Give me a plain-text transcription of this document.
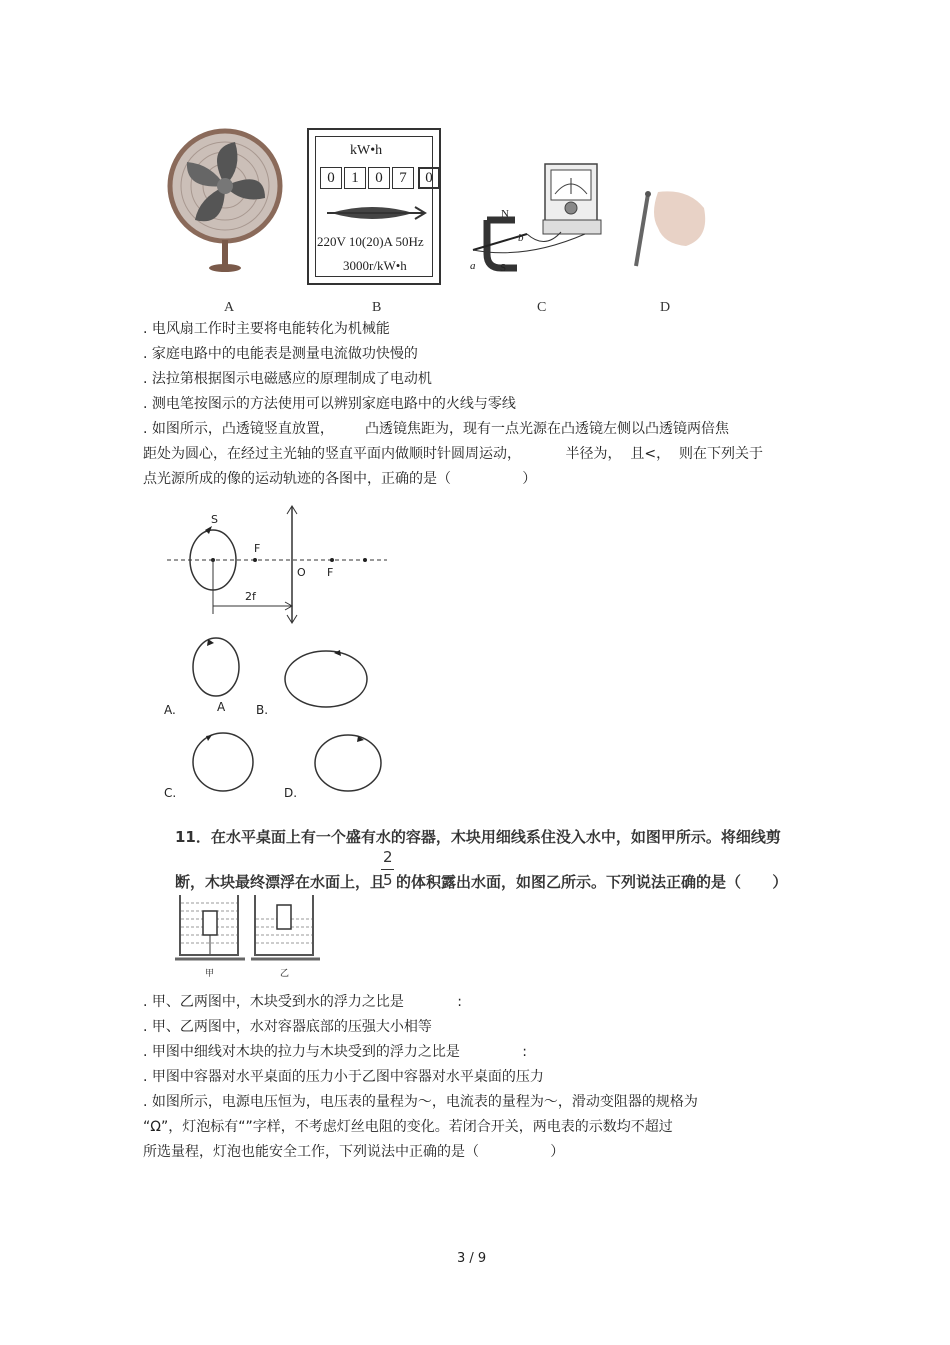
kW•h
0	1	0	7	0
220V 10(20)A 50Hz
3000r/kW•h
N
S
a
b
A	B	C	D
. 电风扇工作时主要将电能转化为机械能
. 家庭电路中的电能表是测量电流做功快慢的
. 法拉第根据图示电磁感应的原理制成了电动机
. 测电笔按图示的方法使用可以辨别家庭电路中的火线与零线
. 如图所示，凸透镜竖直放置，       凸透镜焦距为，现有一点光源在凸透镜左侧以凸透镜两倍焦
距处为圆心，在经过主光轴的竖直平面内做顺时针圆周运动，          半径为，  且<，  则在下列关于
点光源所成的像的运动轨迹的各图中，正确的是（                ）
S
F
O F
2f
A
A.	B.
C.	D.
11．在水平桌面上有一个盛有水的容器，木块用细线系住没入水中，如图甲所示。将细线剪
2
断，木块最终漂浮在水面上，且
5 的体积露出水面，如图乙所示。下列说法正确的是（      ）
甲	乙
. 甲、乙两图中，木块受到水的浮力之比是            :
. 甲、乙两图中，水对容器底部的压强大小相等
. 甲图中细线对木块的拉力与木块受到的浮力之比是              :
. 甲图中容器对水平桌面的压力小于乙图中容器对水平桌面的压力
. 如图所示，电源电压恒为，电压表的量程为～，电流表的量程为～，滑动变阻器的规格为
“Ω”，灯泡标有“”字样，不考虑灯丝电阻的变化。若闭合开关，两电表的示数均不超过
所选量程，灯泡也能安全工作，下列说法中正确的是（                ）
3 / 9
